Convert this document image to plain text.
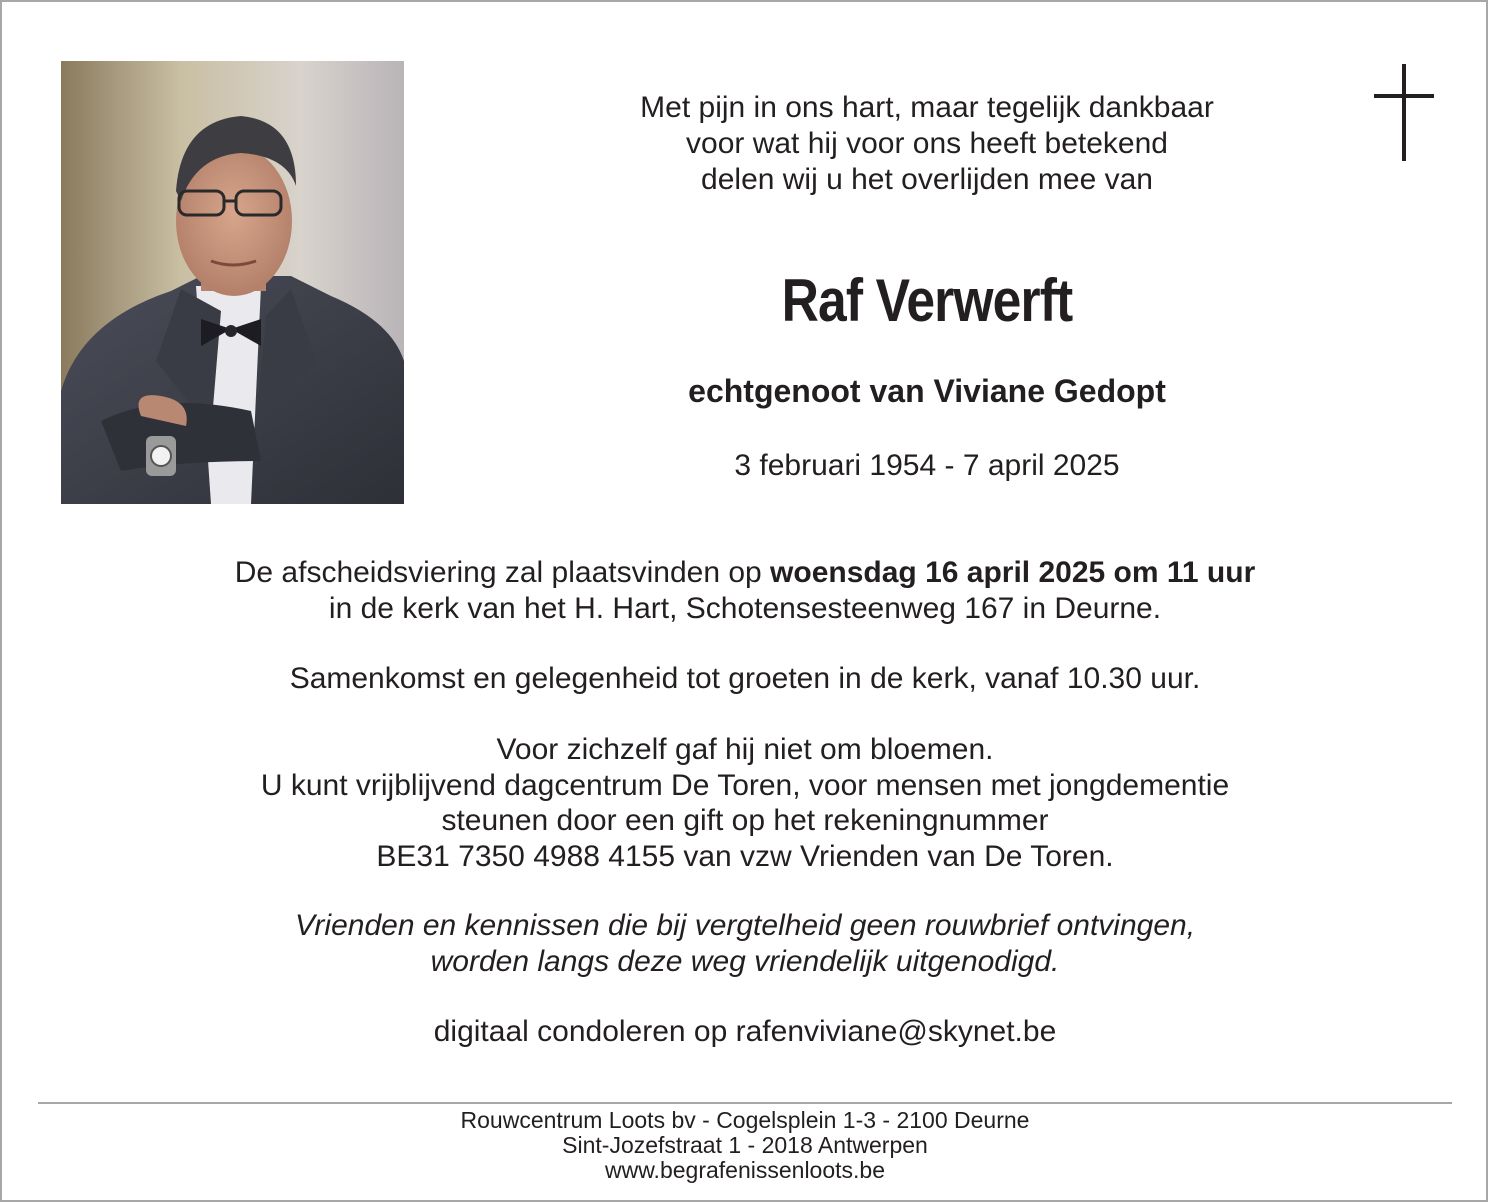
Met pijn in ons hart, maar tegelijk dankbaar

voor wat hij voor ons heeft betekend

delen wij u het overlijden mee van

Raf Verwerft
echtgenoot van Viviane Gedopt
3 februari 1954 - 7 april 2025

De afscheidsviering zal plaatsvinden op woensdag 16 april 2025 om 11 uur

in de kerk van het H. Hart, Schotensesteenweg 167 in Deurne.

Samenkomst en gelegenheid tot groeten in de kerk, vanaf 10.30 uur.

Voor zichzelf gaf hij niet om bloemen.

U kunt vrijblijvend dagcentrum De Toren, voor mensen met jongdementie

steunen door een gift op het rekeningnummer

BE31 7350 4988 4155 van vzw Vrienden van De Toren.

Vrienden en kennissen die bij vergtelheid geen rouwbrief ontvingen,

worden langs deze weg vriendelijk uitgenodigd.

digitaal condoleren op rafenviviane@skynet.be

Rouwcentrum Loots bv - Cogelsplein 1-3 - 2100 Deurne

Sint-Jozefstraat 1 - 2018 Antwerpen

www.begrafenissenloots.be
